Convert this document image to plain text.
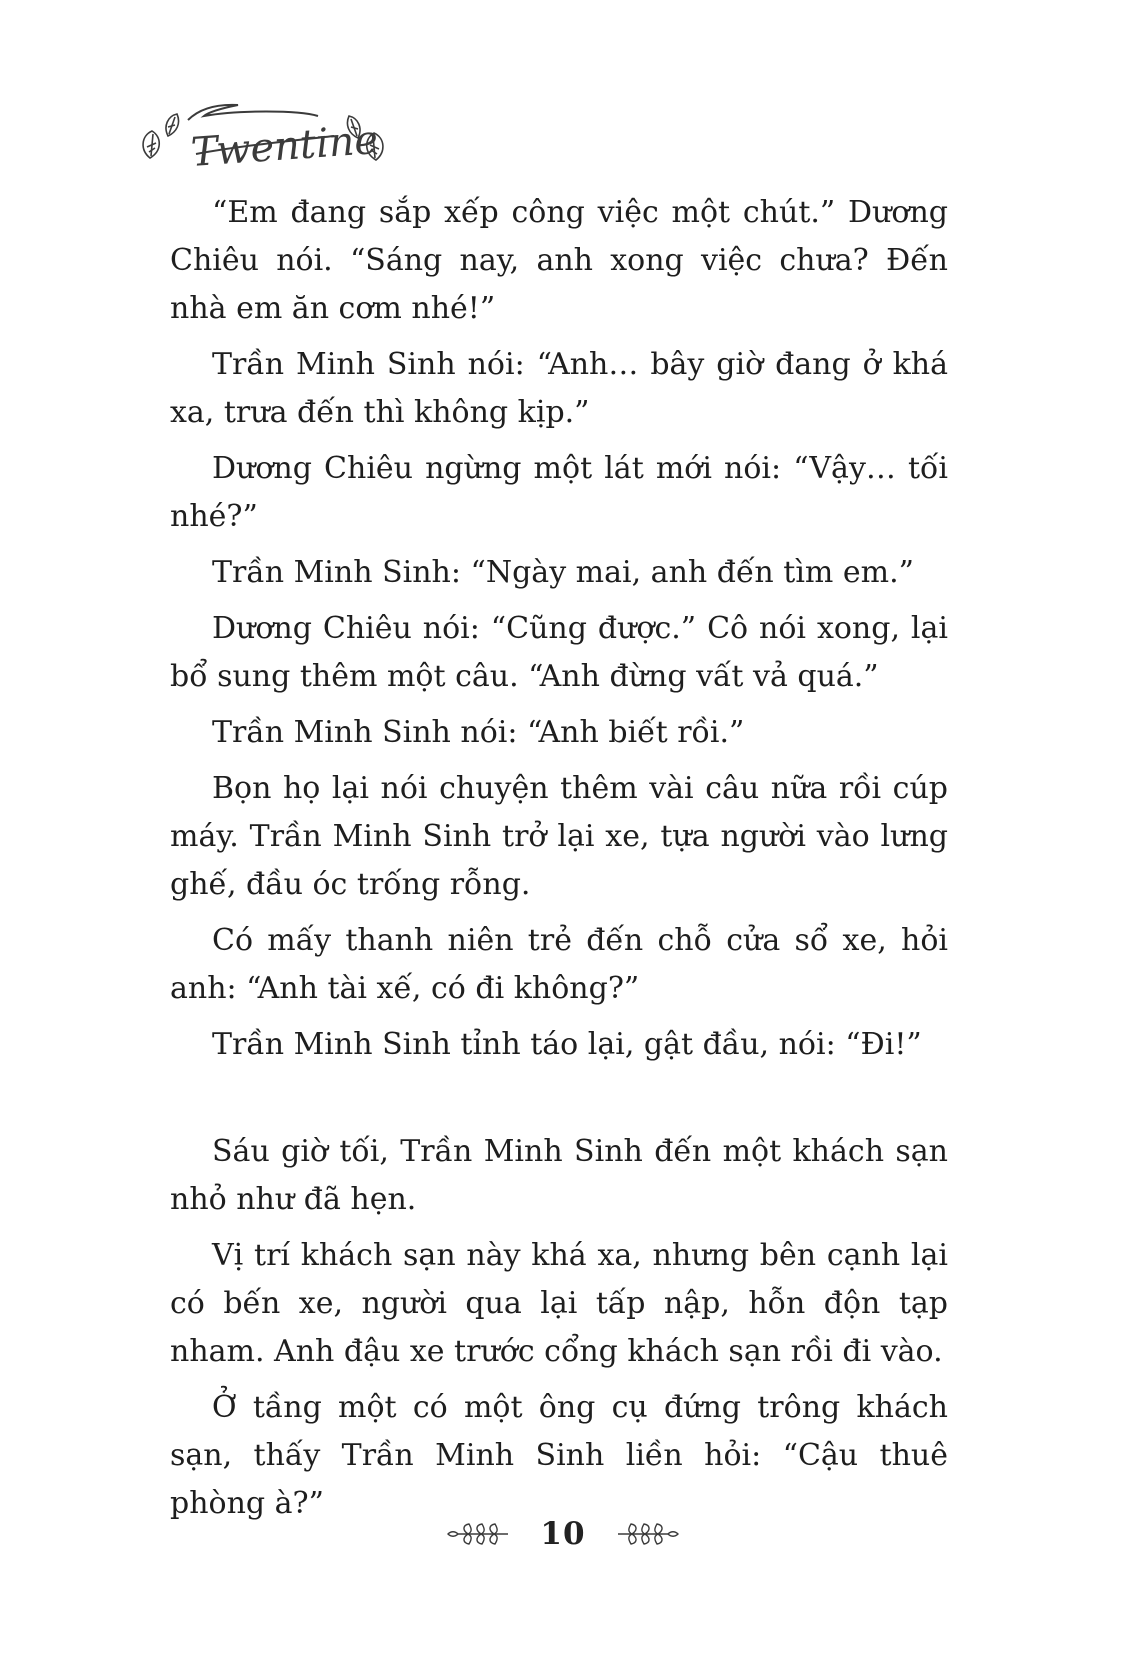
Twentine

“Em đang sắp xếp công việc một chút.” Dương Chiêu nói. “Sáng nay, anh xong việc chưa? Đến nhà em ăn cơm nhé!”

Trần Minh Sinh nói: “Anh… bây giờ đang ở khá xa, trưa đến thì không kịp.”

Dương Chiêu ngừng một lát mới nói: “Vậy… tối nhé?”

Trần Minh Sinh: “Ngày mai, anh đến tìm em.”

Dương Chiêu nói: “Cũng được.” Cô nói xong, lại bổ sung thêm một câu. “Anh đừng vất vả quá.”

Trần Minh Sinh nói: “Anh biết rồi.”

Bọn họ lại nói chuyện thêm vài câu nữa rồi cúp máy. Trần Minh Sinh trở lại xe, tựa người vào lưng ghế, đầu óc trống rỗng.

Có mấy thanh niên trẻ đến chỗ cửa sổ xe, hỏi anh: “Anh tài xế, có đi không?”

Trần Minh Sinh tỉnh táo lại, gật đầu, nói: “Đi!”

Sáu giờ tối, Trần Minh Sinh đến một khách sạn nhỏ như đã hẹn.

Vị trí khách sạn này khá xa, nhưng bên cạnh lại có bến xe, người qua lại tấp nập, hỗn độn tạp nham. Anh đậu xe trước cổng khách sạn rồi đi vào.

Ở tầng một có một ông cụ đứng trông khách sạn, thấy Trần Minh Sinh liền hỏi: “Cậu thuê phòng à?”

10
